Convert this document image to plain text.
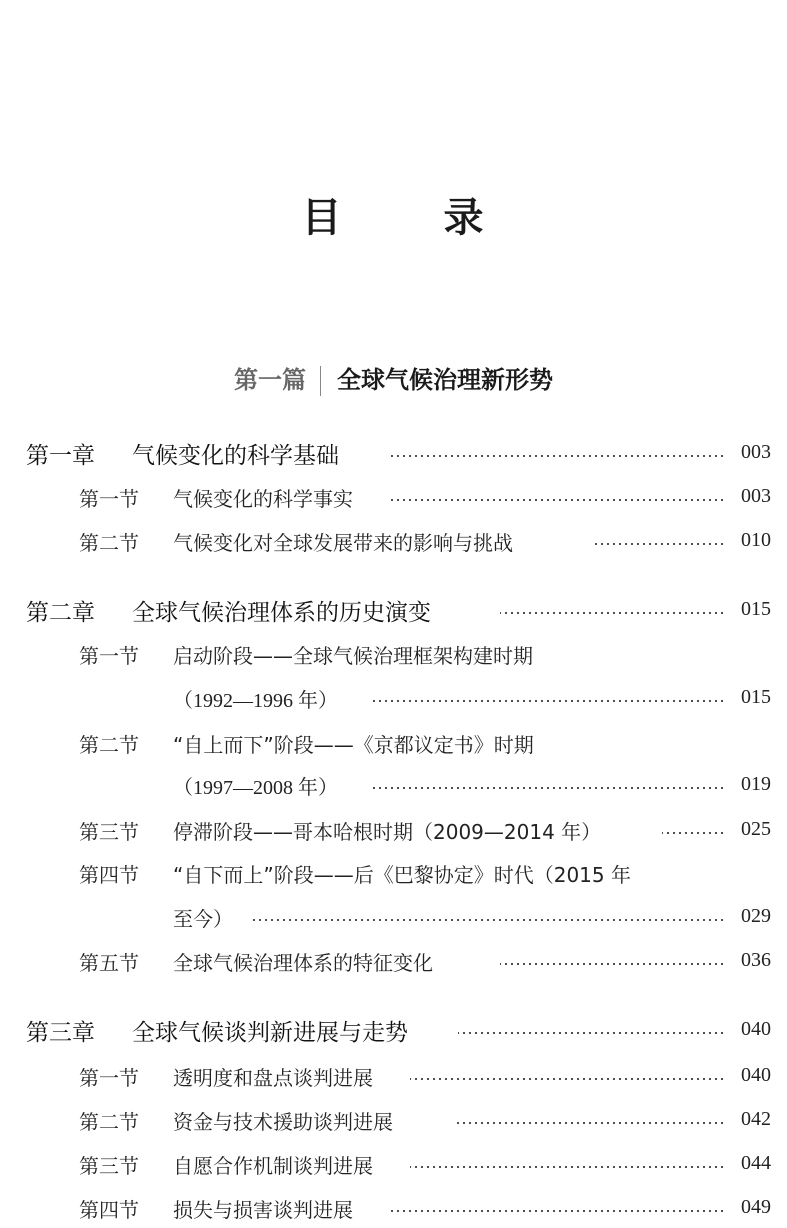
目	录
第一篇 全球气候治理新形势
第一章	气候变化的科学基础	003
第一节	气候变化的科学事实	003
第二节	气候变化对全球发展带来的影响与挑战	010
第二章	全球气候治理体系的历史演变	015
第一节	启动阶段——全球气候治理框架构建时期
（1992—1996 年）	015
第二节	“自上而下”阶段——《京都议定书》时期
（1997—2008 年）	019
第三节	停滞阶段——哥本哈根时期（2009—2014 年）	025
第四节	“自下而上”阶段——后《巴黎协定》时代（2015 年
至今）	029
第五节	全球气候治理体系的特征变化	036
第三章	全球气候谈判新进展与走势	040
第一节	透明度和盘点谈判进展	040
第二节	资金与技术援助谈判进展	042
第三节	自愿合作机制谈判进展	044
第四节	损失与损害谈判进展	049
